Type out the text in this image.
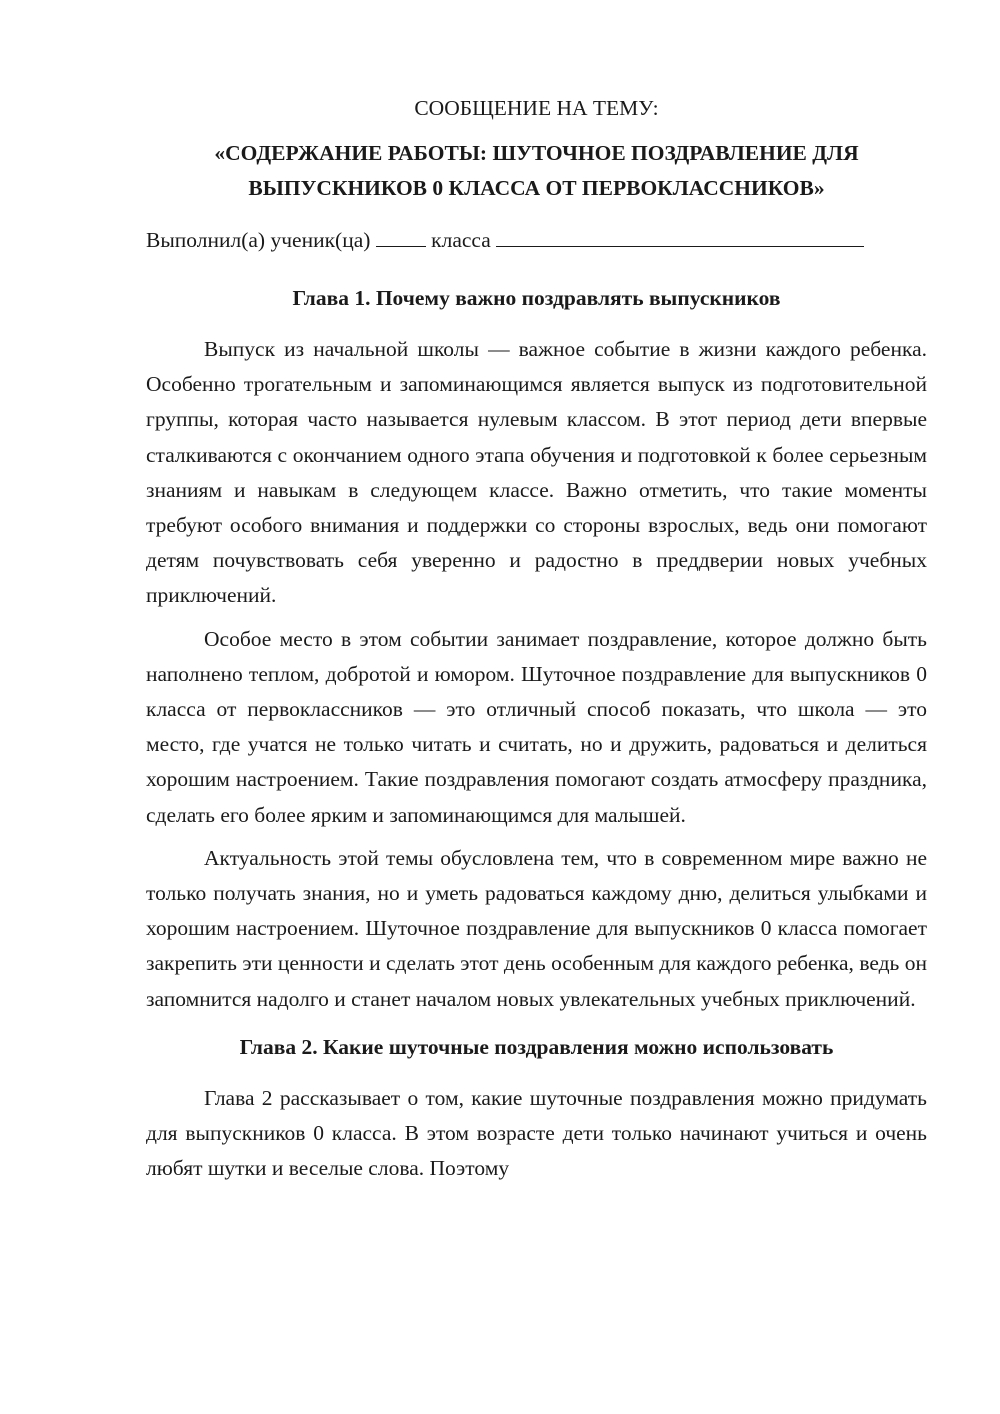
СООБЩЕНИЕ НА ТЕМУ:

«СОДЕРЖАНИЕ РАБОТЫ: ШУТОЧНОЕ ПОЗДРАВЛЕНИЕ ДЛЯ
ВЫПУСКНИКОВ 0 КЛАССА ОТ ПЕРВОКЛАССНИКОВ»

Выполнил(а) ученик(ца)	класса

Глава 1. Почему важно поздравлять выпускников

Выпуск из начальной школы — важное событие в жизни каждого ребенка. Особенно трогательным и запоминающимся является выпуск из подготовительной группы, которая часто называется нулевым классом. В этот период дети впервые сталкиваются с окончанием одного этапа обучения и подготовкой к более серьезным знаниям и навыкам в следующем классе. Важно отметить, что такие моменты требуют особого внимания и поддержки со стороны взрослых, ведь они помогают детям почувствовать себя уверенно и радостно в преддверии новых учебных приключений.

Особое место в этом событии занимает поздравление, которое должно быть наполнено теплом, добротой и юмором. Шуточное поздравление для выпускников 0 класса от первоклассников — это отличный способ показать, что школа — это место, где учатся не только читать и считать, но и дружить, радоваться и делиться хорошим настроением. Такие поздравления помогают создать атмосферу праздника, сделать его более ярким и запоминающимся для малышей.

Актуальность этой темы обусловлена тем, что в современном мире важно не только получать знания, но и уметь радоваться каждому дню, делиться улыбками и хорошим настроением. Шуточное поздравление для выпускников 0 класса помогает закрепить эти ценности и сделать этот день особенным для каждого ребенка, ведь он запомнится надолго и станет началом новых увлекательных учебных приключений.

Глава 2. Какие шуточные поздравления можно использовать

Глава 2 рассказывает о том, какие шуточные поздравления можно придумать для выпускников 0 класса. В этом возрасте дети только начинают учиться и очень любят шутки и веселые слова. Поэтому
